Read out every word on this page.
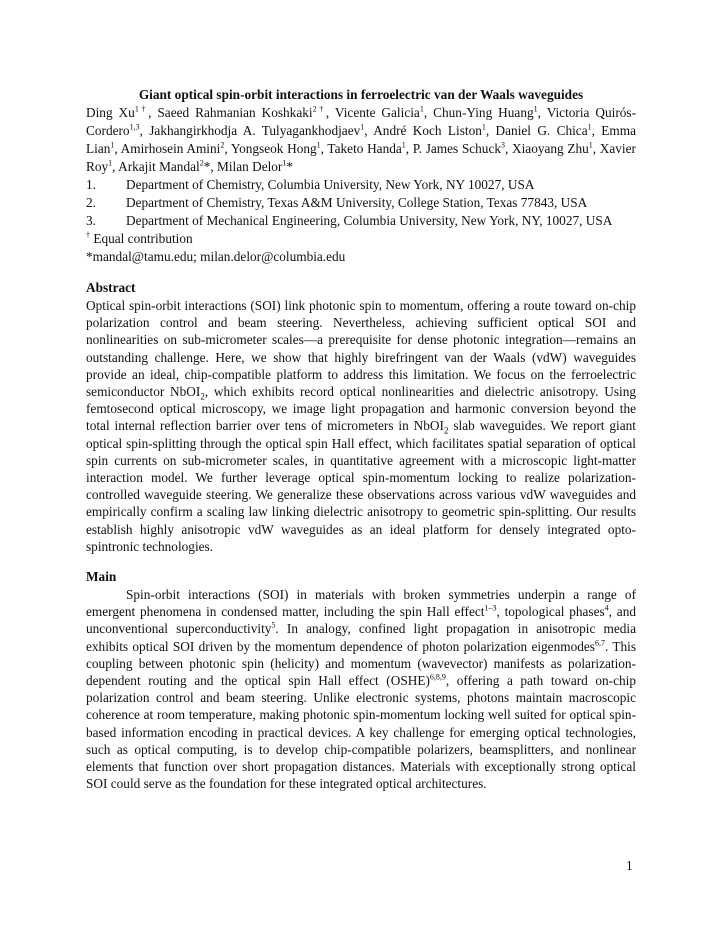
Giant optical spin-orbit interactions in ferroelectric van der Waals waveguides
Ding $Xu^{1\dagger}$, Saeed Rahmanian Koshkaki$^{2\dagger}$, Vicente Galicia$^1$, Chun-Ying Huang$^1$, Victoria Quirós-Cordero$^{1,3}$, Jakhangirkhodja A. Tulyagankhodjaev$^1$, André Koch Liston$^1$, Daniel G. Chica$^1$, Emma Lian$^1$, Amirhosein Amini$^2$, Yongseok Hong$^1$, Taketo Handa$^1$, P. James Schuck$^3$, Xiaoyang Zhu$^1$, Xavier Roy$^1$, Arkajit Mandal$^2$*, Milan Delor$^1$*
1.	Department of Chemistry, Columbia University, New York, NY 10027, USA
2.	Department of Chemistry, Texas A&M University, College Station, Texas 77843, USA
3.	Department of Mechanical Engineering, Columbia University, New York, NY, 10027, USA
† Equal contribution
*mandal@tamu.edu; milan.delor@columbia.edu
Abstract

Optical spin-orbit interactions (SOI) link photonic spin to momentum, offering a route toward on-chip polarization control and beam steering. Nevertheless, achieving sufficient optical SOI and nonlinearities on sub-micrometer scales—a prerequisite for dense photonic integration—remains an outstanding challenge. Here, we show that highly birefringent van der Waals (vdW) waveguides provide an ideal, chip-compatible platform to address this limitation. We focus on the ferroelectric semiconductor NbOI$_2$, which exhibits record optical nonlinearities and dielectric anisotropy. Using femtosecond optical microscopy, we image light propagation and harmonic conversion beyond the total internal reflection barrier over tens of micrometers in NbOI$_2$ slab waveguides. We report giant optical spin-splitting through the optical spin Hall effect, which facilitates spatial separation of optical spin currents on sub-micrometer scales, in quantitative agreement with a microscopic light-matter interaction model. We further leverage optical spin-momentum locking to realize polarization-controlled waveguide steering. We generalize these observations across various vdW waveguides and empirically confirm a scaling law linking dielectric anisotropy to geometric spin-splitting. Our results establish highly anisotropic vdW waveguides as an ideal platform for densely integrated opto-spintronic technologies.

Main

Spin-orbit interactions (SOI) in materials with broken symmetries underpin a range of emergent phenomena in condensed matter, including the spin Hall effect$^{1-3}$, topological phases$^4$, and unconventional superconductivity$^5$. In analogy, confined light propagation in anisotropic media exhibits optical SOI driven by the momentum dependence of photon polarization eigenmodes$^{6,7}$. This coupling between photonic spin (helicity) and momentum (wavevector) manifests as polarization-dependent routing and the optical spin Hall effect (OSHE)$^{6,8,9}$, offering a path toward on-chip polarization control and beam steering. Unlike electronic systems, photons maintain macroscopic coherence at room temperature, making photonic spin-momentum locking well suited for optical spin-based information encoding in practical devices. A key challenge for emerging optical technologies, such as optical computing, is to develop chip-compatible polarizers, beamsplitters, and nonlinear elements that function over short propagation distances. Materials with exceptionally strong optical SOI could serve as the foundation for these integrated optical architectures.

1
